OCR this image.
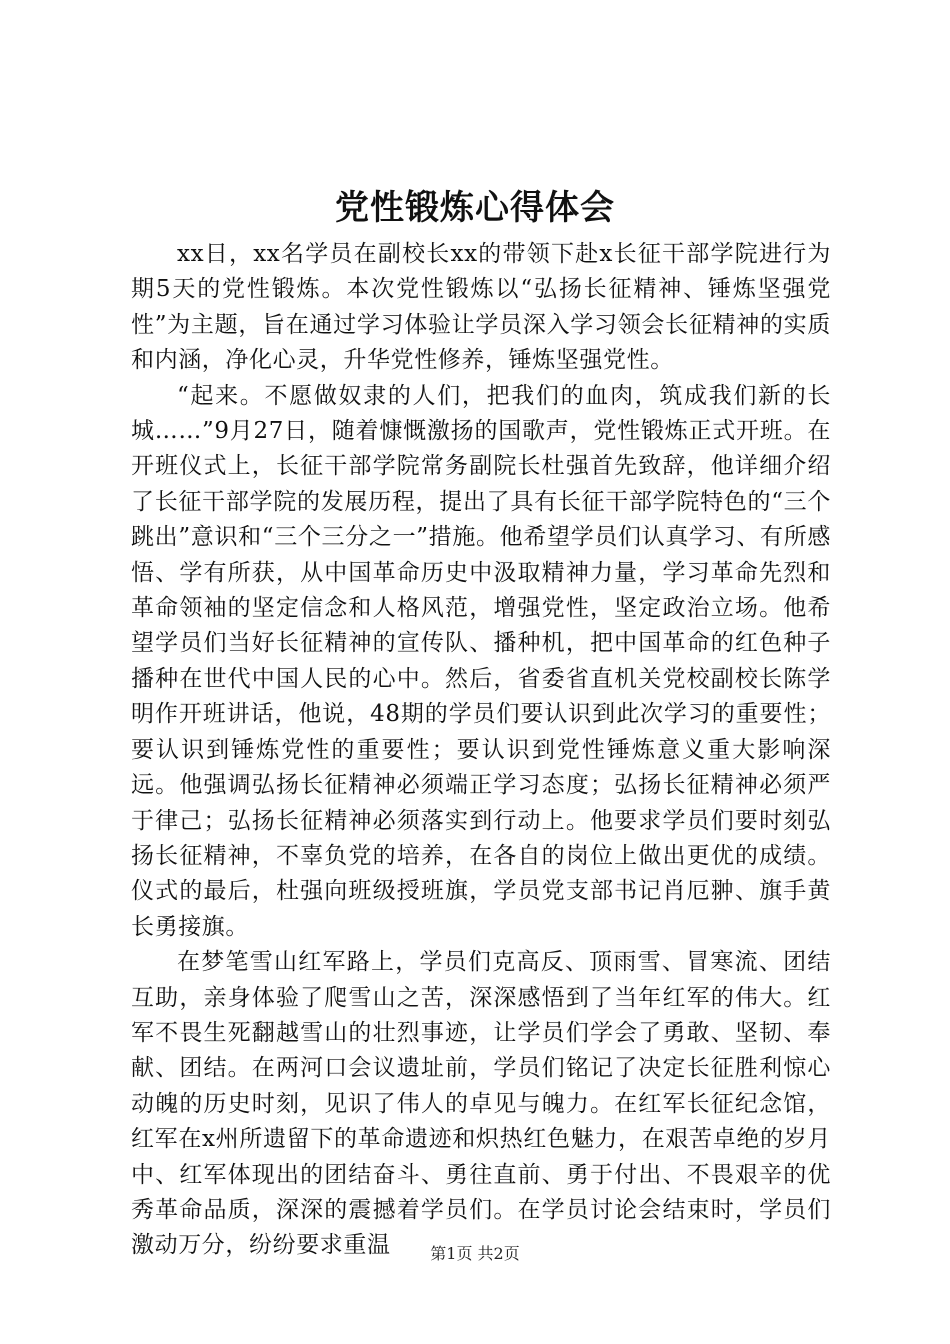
党性锻炼心得体会

xx日，xx名学员在副校长xx的带领下赴x长征干部学院进行为期5天的党性锻炼。本次党性锻炼以“弘扬长征精神、锤炼坚强党性”为主题，旨在通过学习体验让学员深入学习领会长征精神的实质和内涵，净化心灵，升华党性修养，锤炼坚强党性。

“起来。不愿做奴隶的人们，把我们的血肉，筑成我们新的长城……”9月27日，随着慷慨激扬的国歌声，党性锻炼正式开班。在开班仪式上，长征干部学院常务副院长杜强首先致辞，他详细介绍了长征干部学院的发展历程，提出了具有长征干部学院特色的“三个跳出”意识和“三个三分之一”措施。他希望学员们认真学习、有所感悟、学有所获，从中国革命历史中汲取精神力量，学习革命先烈和革命领袖的坚定信念和人格风范，增强党性，坚定政治立场。他希望学员们当好长征精神的宣传队、播种机，把中国革命的红色种子播种在世代中国人民的心中。然后，省委省直机关党校副校长陈学明作开班讲话，他说，48期的学员们要认识到此次学习的重要性；要认识到锤炼党性的重要性；要认识到党性锤炼意义重大影响深远。他强调弘扬长征精神必须端正学习态度；弘扬长征精神必须严于律己；弘扬长征精神必须落实到行动上。他要求学员们要时刻弘扬长征精神，不辜负党的培养，在各自的岗位上做出更优的成绩。仪式的最后，杜强向班级授班旗，学员党支部书记肖厄翀、旗手黄长勇接旗。

在梦笔雪山红军路上，学员们克高反、顶雨雪、冒寒流、团结互助，亲身体验了爬雪山之苦，深深感悟到了当年红军的伟大。红军不畏生死翻越雪山的壮烈事迹，让学员们学会了勇敢、坚韧、奉献、团结。在两河口会议遗址前，学员们铭记了决定长征胜利惊心动魄的历史时刻，见识了伟人的卓见与魄力。在红军长征纪念馆，红军在x州所遗留下的革命遗迹和炽热红色魅力，在艰苦卓绝的岁月中、红军体现出的团结奋斗、勇往直前、勇于付出、不畏艰辛的优秀革命品质，深深的震撼着学员们。在学员讨论会结束时，学员们激动万分，纷纷要求重温	第1页 共2页
